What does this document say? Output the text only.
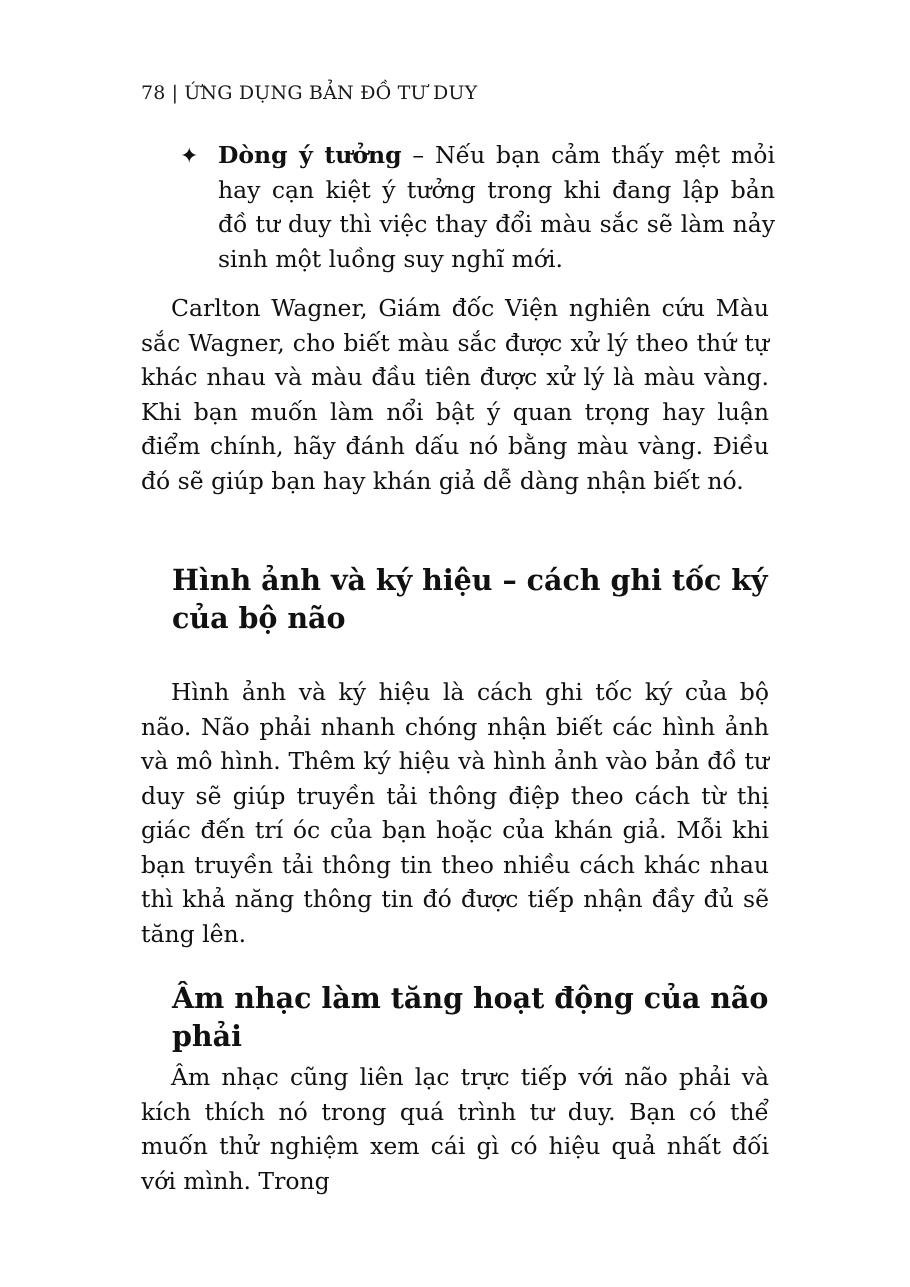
78 | ỨNG DỤNG BẢN ĐỒ TƯ DUY
✦ Dòng ý tưởng – Nếu bạn cảm thấy mệt mỏi hay cạn kiệt ý tưởng trong khi đang lập bản đồ tư duy thì việc thay đổi màu sắc sẽ làm nảy sinh một luồng suy nghĩ mới.

Carlton Wagner, Giám đốc Viện nghiên cứu Màu sắc Wagner, cho biết màu sắc được xử lý theo thứ tự khác nhau và màu đầu tiên được xử lý là màu vàng. Khi bạn muốn làm nổi bật ý quan trọng hay luận điểm chính, hãy đánh dấu nó bằng màu vàng. Điều đó sẽ giúp bạn hay khán giả dễ dàng nhận biết nó.

Hình ảnh và ký hiệu – cách ghi tốc ký của bộ não

Hình ảnh và ký hiệu là cách ghi tốc ký của bộ não. Não phải nhanh chóng nhận biết các hình ảnh và mô hình. Thêm ký hiệu và hình ảnh vào bản đồ tư duy sẽ giúp truyền tải thông điệp theo cách từ thị giác đến trí óc của bạn hoặc của khán giả. Mỗi khi bạn truyền tải thông tin theo nhiều cách khác nhau thì khả năng thông tin đó được tiếp nhận đầy đủ sẽ tăng lên.

Âm nhạc làm tăng hoạt động của não phải

Âm nhạc cũng liên lạc trực tiếp với não phải và kích thích nó trong quá trình tư duy. Bạn có thể muốn thử nghiệm xem cái gì có hiệu quả nhất đối với mình. Trong
